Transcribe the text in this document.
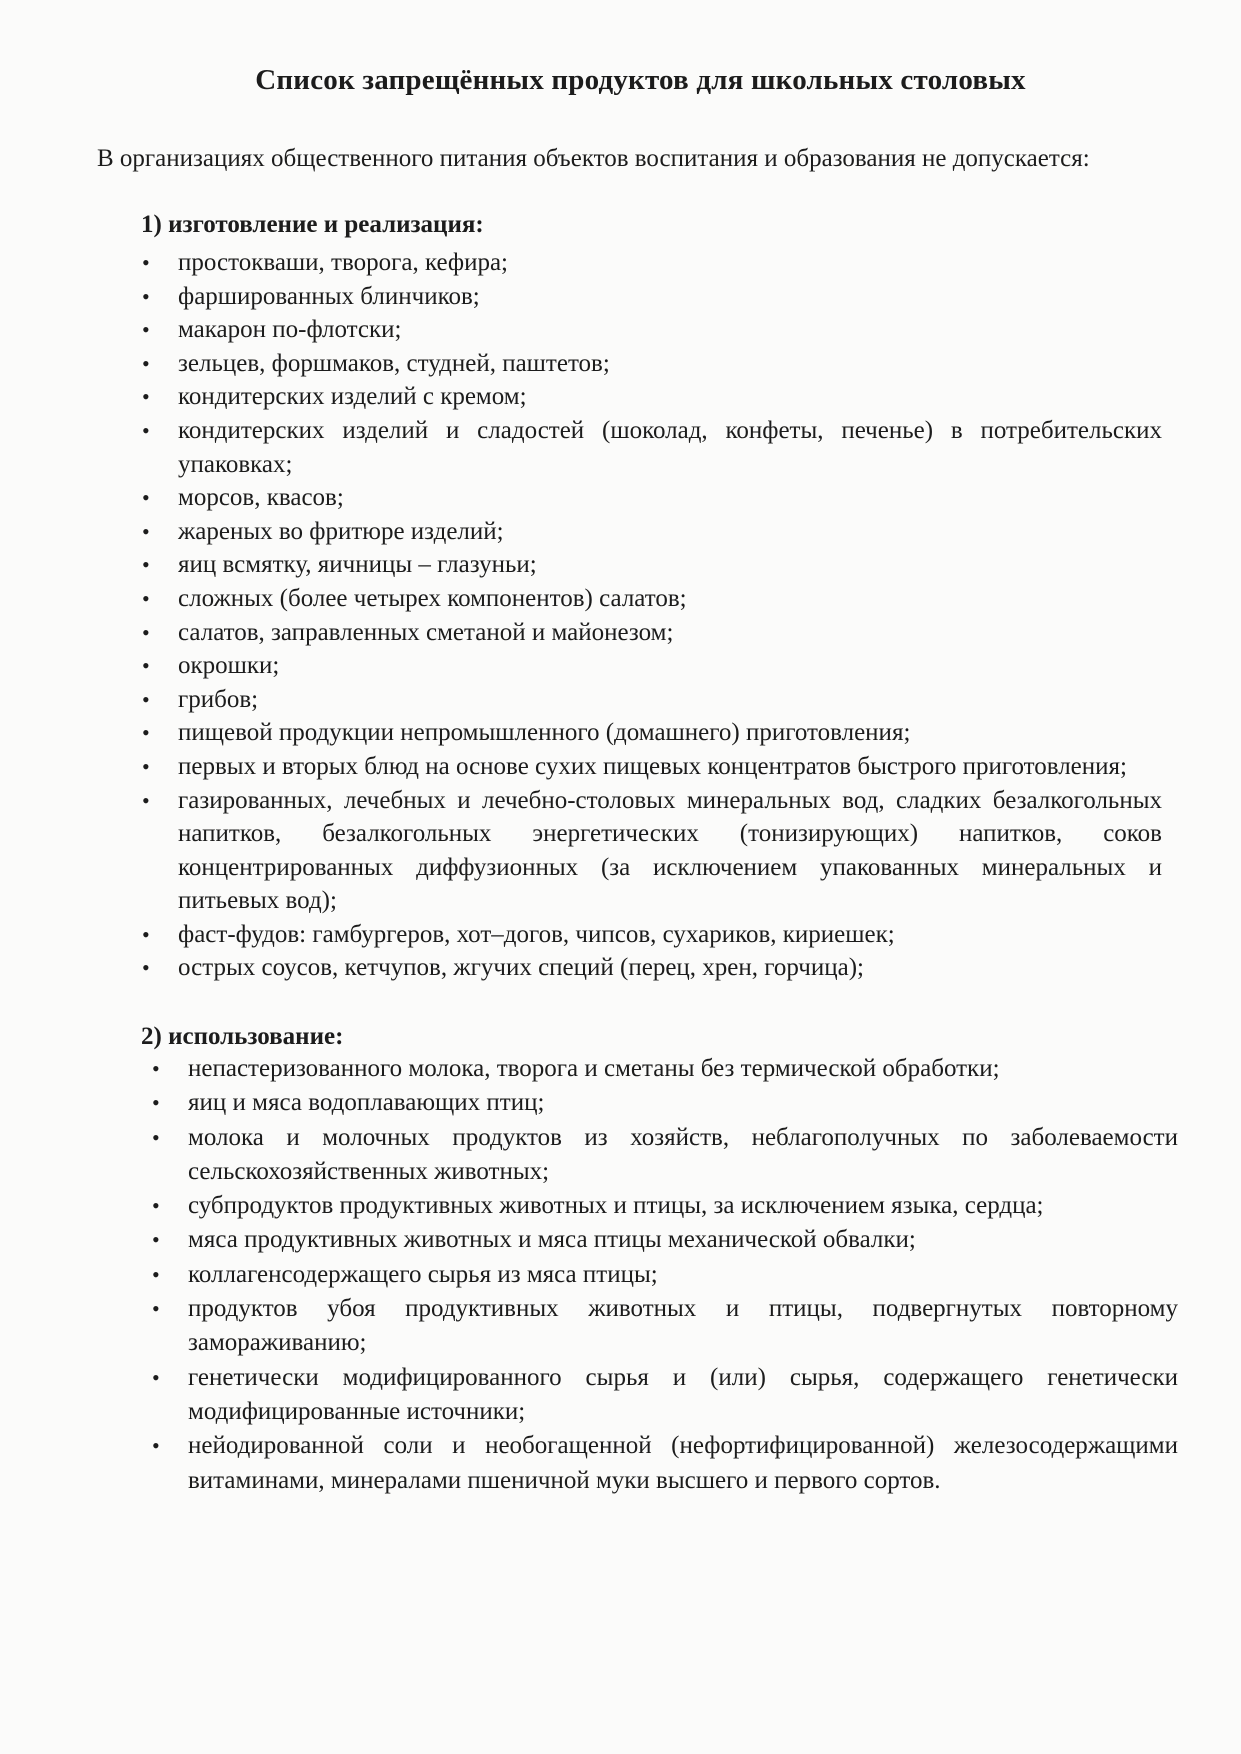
Список запрещённых продуктов для школьных столовых

В организациях общественного питания объектов воспитания и образования не допускается:

1) изготовление и реализация:
• простокваши, творога, кефира;
• фаршированных блинчиков;
• макарон по-флотски;
• зельцев, форшмаков, студней, паштетов;
• кондитерских изделий с кремом;
• кондитерских изделий и сладостей (шоколад, конфеты, печенье) в потребительских упаковках;
• морсов, квасов;
• жареных во фритюре изделий;
• яиц всмятку, яичницы – глазуньи;
• сложных (более четырех компонентов) салатов;
• салатов, заправленных сметаной и майонезом;
• окрошки;
• грибов;
• пищевой продукции непромышленного (домашнего) приготовления;
• первых и вторых блюд на основе сухих пищевых концентратов быстрого приготовления;
• газированных, лечебных и лечебно-столовых минеральных вод, сладких безалкогольных напитков, безалкогольных энергетических (тонизирующих) напитков, соков концентрированных диффузионных (за исключением упакованных минеральных и питьевых вод);
• фаст-фудов: гамбургеров, хот–догов, чипсов, сухариков, кириешек;
• острых соусов, кетчупов, жгучих специй (перец, хрен, горчица);
2) использование:
• непастеризованного молока, творога и сметаны без термической обработки;
• яиц и мяса водоплавающих птиц;
• молока и молочных продуктов из хозяйств, неблагополучных по заболеваемости сельскохозяйственных животных;
• субпродуктов продуктивных животных и птицы, за исключением языка, сердца;
• мяса продуктивных животных и мяса птицы механической обвалки;
• коллагенсодержащего сырья из мяса птицы;
• продуктов убоя продуктивных животных и птицы, подвергнутых повторному замораживанию;
• генетически модифицированного сырья и (или) сырья, содержащего генетически модифицированные источники;
• нейодированной соли и необогащенной (нефортифицированной) железосодержащими витаминами, минералами пшеничной муки высшего и первого сортов.
